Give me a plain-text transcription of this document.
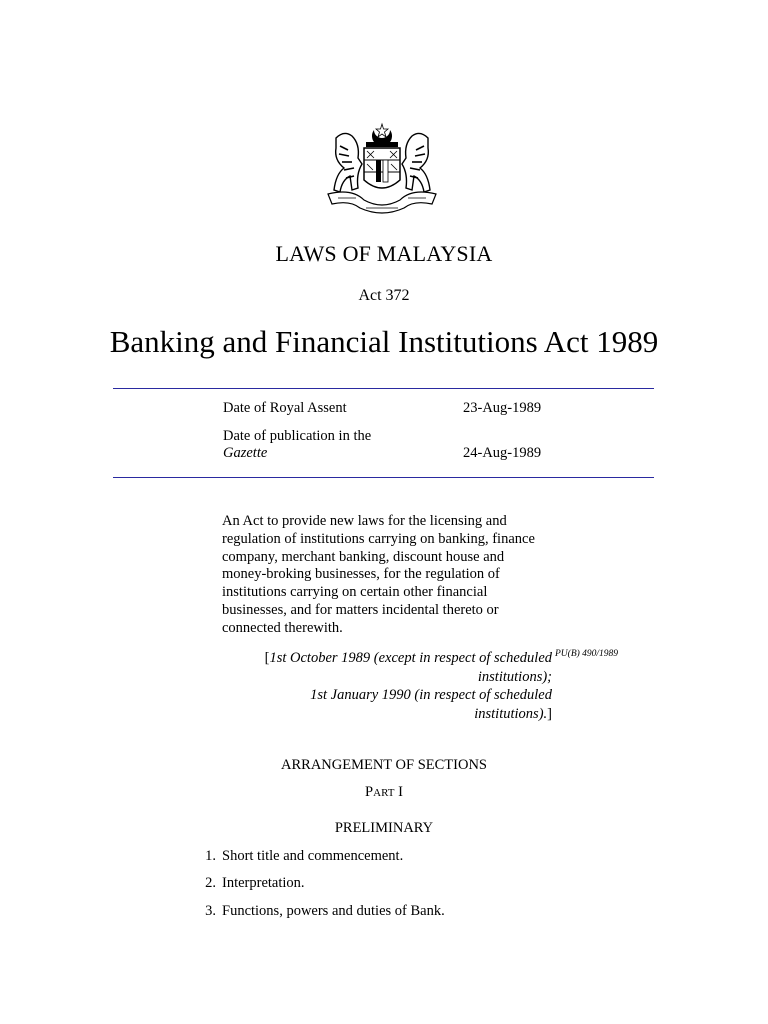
LAWS OF MALAYSIA
Act 372
Banking and Financial Institutions Act 1989
Date of Royal Assent	23-Aug-1989
Date of publication in the
Gazette	24-Aug-1989
An Act to provide new laws for the licensing and regulation of institutions carrying on banking, finance company, merchant banking, discount house and money-broking businesses, for the regulation of institutions carrying on certain other financial businesses, and for matters incidental thereto or connected therewith.
[1st October 1989 (except in respect of scheduled
institutions);
1st January 1990 (in respect of scheduled
institutions).]
PU(B) 490/1989
ARRANGEMENT OF SECTIONS
PART I
PRELIMINARY
1. Short title and commencement.
2. Interpretation.
3. Functions, powers and duties of Bank.
